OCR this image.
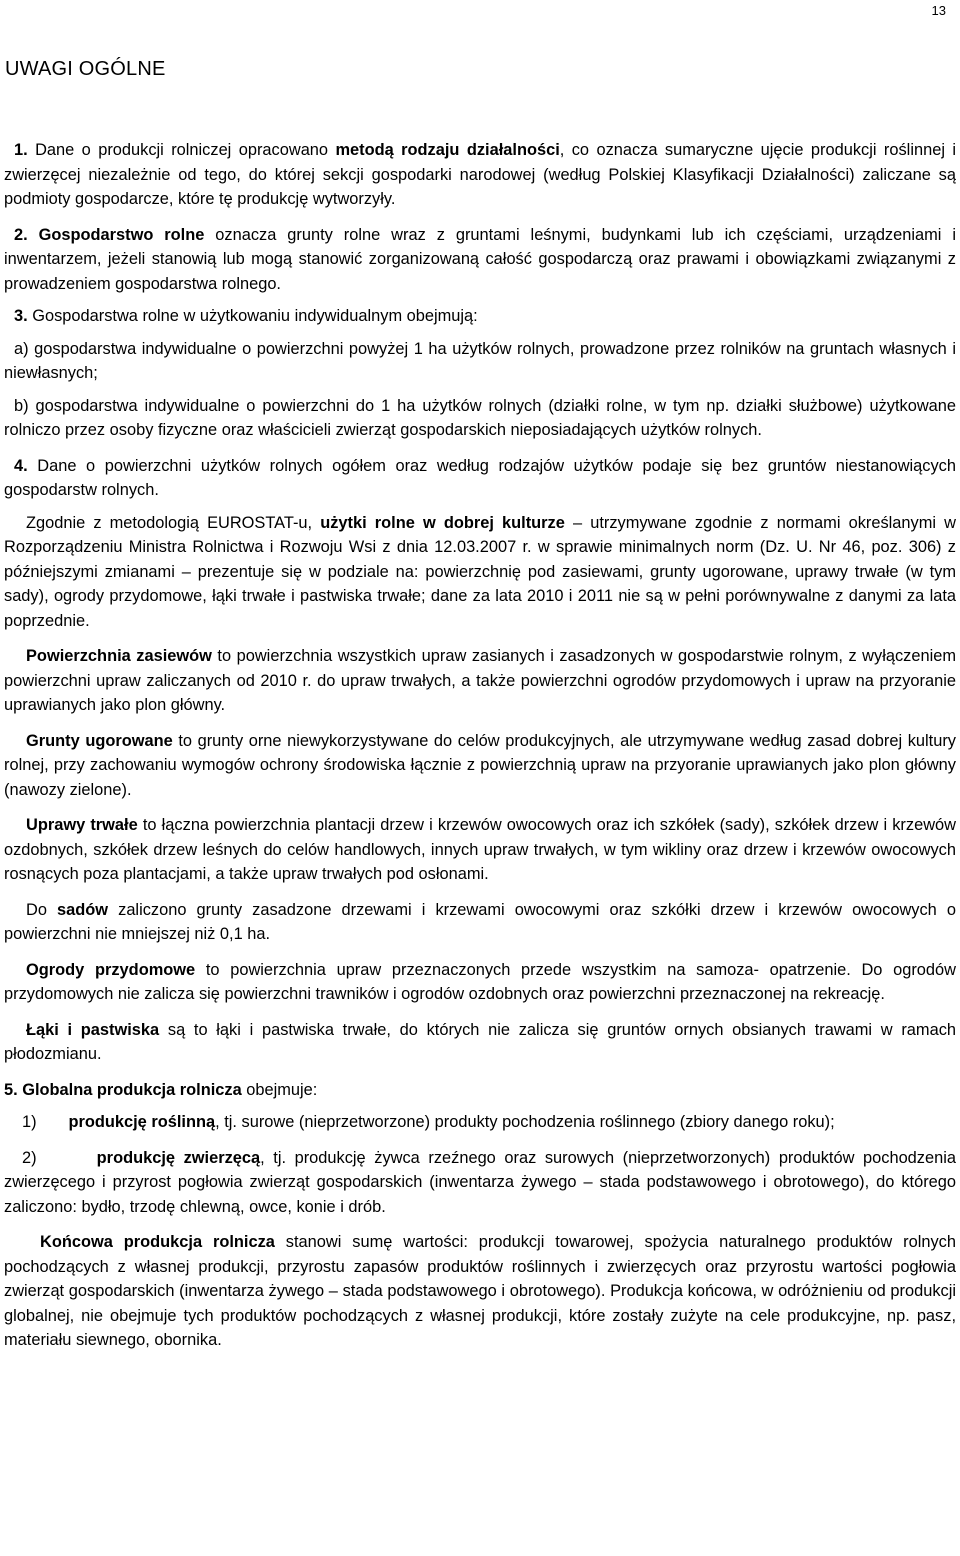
13
UWAGI OGÓLNE

1. Dane o produkcji rolniczej opracowano metodą rodzaju działalności, co oznacza sumaryczne ujęcie produkcji roślinnej i zwierzęcej niezależnie od tego, do której sekcji gospodarki narodowej (według Polskiej Klasyfikacji Działalności) zaliczane są podmioty gospodarcze, które tę produkcję wytworzyły.

2. Gospodarstwo rolne oznacza grunty rolne wraz z gruntami leśnymi, budynkami lub ich częściami, urządzeniami i inwentarzem, jeżeli stanowią lub mogą stanowić zorganizowaną całość gospodarczą oraz prawami i obowiązkami związanymi z prowadzeniem gospodarstwa rolnego.

3. Gospodarstwa rolne w użytkowaniu indywidualnym obejmują:

a) gospodarstwa indywidualne o powierzchni powyżej 1 ha użytków rolnych, prowadzone przez rolników na gruntach własnych i niewłasnych;

b) gospodarstwa indywidualne o powierzchni do 1 ha użytków rolnych (działki rolne, w tym np. działki służbowe) użytkowane rolniczo przez osoby fizyczne oraz właścicieli zwierząt gospodarskich nieposiadających użytków rolnych.

4. Dane o powierzchni użytków rolnych ogółem oraz według rodzajów użytków podaje się bez gruntów niestanowiących gospodarstw rolnych.

Zgodnie z metodologią EUROSTAT-u, użytki rolne w dobrej kulturze – utrzymywane zgodnie z normami określanymi w Rozporządzeniu Ministra Rolnictwa i Rozwoju Wsi z dnia 12.03.2007 r. w sprawie minimalnych norm (Dz. U. Nr 46, poz. 306) z późniejszymi zmianami – prezentuje się w podziale na: powierzchnię pod zasiewami, grunty ugorowane, uprawy trwałe (w tym sady), ogrody przydomowe, łąki trwałe i pastwiska trwałe; dane za lata 2010 i 2011 nie są w pełni porównywalne z danymi za lata poprzednie.

Powierzchnia zasiewów to powierzchnia wszystkich upraw zasianych i zasadzonych w gospodarstwie rolnym, z wyłączeniem powierzchni upraw zaliczanych od 2010 r. do upraw trwałych, a także powierzchni ogrodów przydomowych i upraw na przyoranie uprawianych jako plon główny.

Grunty ugorowane to grunty orne niewykorzystywane do celów produkcyjnych, ale utrzymywane według zasad dobrej kultury rolnej, przy zachowaniu wymogów ochrony środowiska łącznie z powierzchnią upraw na przyoranie uprawianych jako plon główny (nawozy zielone).

Uprawy trwałe to łączna powierzchnia plantacji drzew i krzewów owocowych oraz ich szkółek (sady), szkółek drzew i krzewów ozdobnych, szkółek drzew leśnych do celów handlowych, innych upraw trwałych, w tym wikliny oraz drzew i krzewów owocowych rosnących poza plantacjami, a także upraw trwałych pod osłonami.

Do sadów zaliczono grunty zasadzone drzewami i krzewami owocowymi oraz szkółki drzew i krzewów owocowych o powierzchni nie mniejszej niż 0,1 ha.

Ogrody przydomowe to powierzchnia upraw przeznaczonych przede wszystkim na samoza- opatrzenie. Do ogrodów przydomowych nie zalicza się powierzchni trawników i ogrodów ozdobnych oraz powierzchni przeznaczonej na rekreację.

Łąki i pastwiska są to łąki i pastwiska trwałe, do których nie zalicza się gruntów ornych obsianych trawami w ramach płodozmianu.

5. Globalna produkcja rolnicza obejmuje:

1) produkcję roślinną, tj. surowe (nieprzetworzone) produkty pochodzenia roślinnego (zbiory danego roku);

2)	produkcję zwierzęcą, tj. produkcję żywca rzeźnego oraz surowych (nieprzetworzonych) produktów pochodzenia zwierzęcego i przyrost pogłowia zwierząt gospodarskich (inwentarza żywego – stada podstawowego i obrotowego), do którego zaliczono: bydło, trzodę chlewną, owce, konie i drób.

Końcowa produkcja rolnicza stanowi sumę wartości: produkcji towarowej, spożycia naturalnego produktów rolnych pochodzących z własnej produkcji, przyrostu zapasów produktów roślinnych i zwierzęcych oraz przyrostu wartości pogłowia zwierząt gospodarskich (inwentarza żywego – stada podstawowego i obrotowego). Produkcja końcowa, w odróżnieniu od produkcji globalnej, nie obejmuje tych produktów pochodzących z własnej produkcji, które zostały zużyte na cele produkcyjne, np. pasz, materiału siewnego, obornika.
